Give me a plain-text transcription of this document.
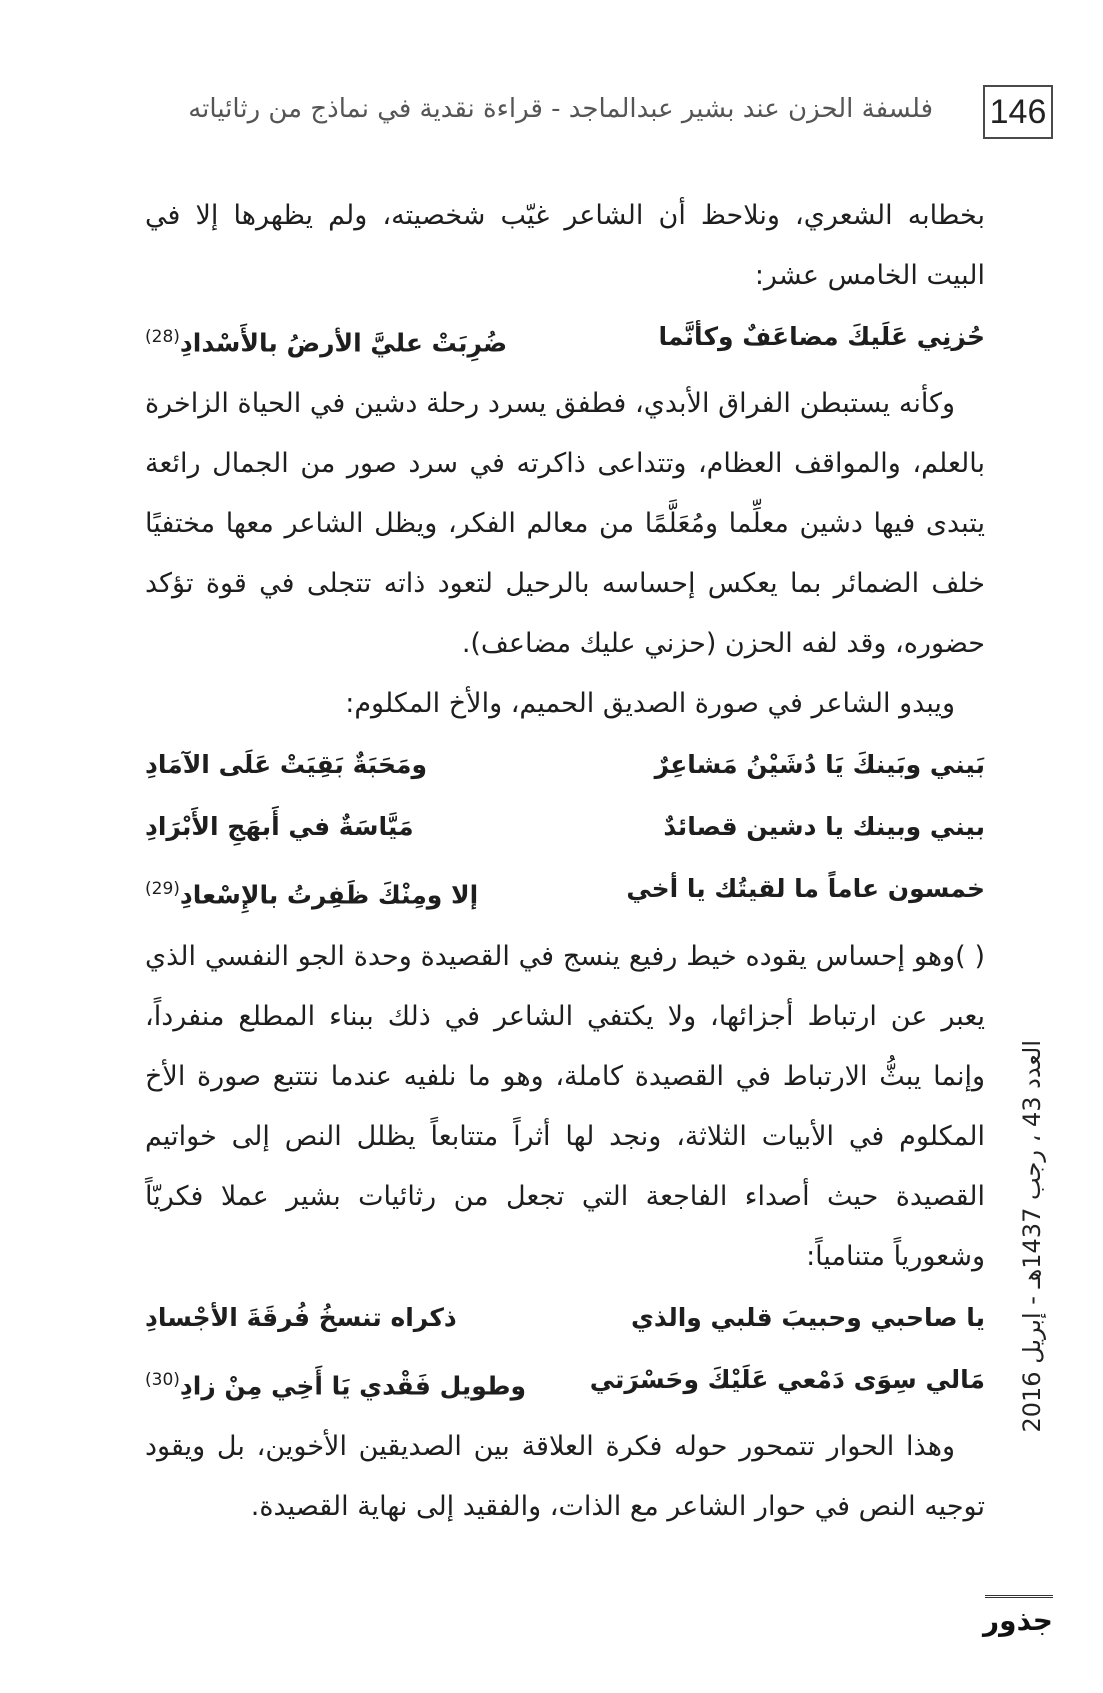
146
فلسفة الحزن عند بشير عبدالماجد - قراءة نقدية في نماذج من رثائياته

بخطابه الشعري، ونلاحظ أن الشاعر غيّب شخصيته، ولم يظهرها إلا في البيت الخامس عشر:

حُزنِي عَلَيكَ مضاعَفٌ وكأنَّما
ضُرِبَتْ عليَّ الأرضُ بالأَسْدادِ$^{(28)}$

وكأنه يستبطن الفراق الأبدي، فطفق يسرد رحلة دشين في الحياة الزاخرة بالعلم، والمواقف العظام، وتتداعى ذاكرته في سرد صور من الجمال رائعة يتبدى فيها دشين معلِّما ومُعَلَّمًا من معالم الفكر، ويظل الشاعر معها مختفيًا خلف الضمائر بما يعكس إحساسه بالرحيل لتعود ذاته تتجلى في قوة تؤكد حضوره، وقد لفه الحزن (حزني عليك مضاعف).

ويبدو الشاعر في صورة الصديق الحميم، والأخ المكلوم:

بَيني وبَينكَ يَا دُشَيْنُ مَشاعِرٌ
ومَحَبَةٌ بَقِيَتْ عَلَى الآمَادِ
بيني وبينك يا دشين قصائدٌ
مَيَّاسَةٌ في أَبهَجِ الأَبْرَادِ
خمسون عاماً ما لقيتُك يا أخي
إلا ومِنْكَ ظَفِرتُ بالإِسْعادِ$^{(29)}$

( )وهو إحساس يقوده خيط رفيع ينسج في القصيدة وحدة الجو النفسي الذي يعبر عن ارتباط أجزائها، ولا يكتفي الشاعر في ذلك ببناء المطلع منفرداً، وإنما يبثُّ الارتباط في القصيدة كاملة، وهو ما نلفيه عندما نتتبع صورة الأخ المكلوم في الأبيات الثلاثة، ونجد لها أثراً متتابعاً يظلل النص إلى خواتيم القصيدة حيث أصداء الفاجعة التي تجعل من رثائيات بشير عملا فكريّاً وشعورياً متنامياً:

يا صاحبي وحبيبَ قلبي والذي
ذكراه تنسخُ فُرقَةَ الأجْسادِ
مَالي سِوَى دَمْعي عَلَيْكَ وحَسْرَتي
وطويل فَقْدي يَا أَخِي مِنْ زادِ$^{(30)}$

وهذا الحوار تتمحور حوله فكرة العلاقة بين الصديقين الأخوين، بل ويقود توجيه النص في حوار الشاعر مع الذات، والفقيد إلى نهاية القصيدة.

العدد 43 ، رجب 1437هـ - إبريل 2016
جذور
